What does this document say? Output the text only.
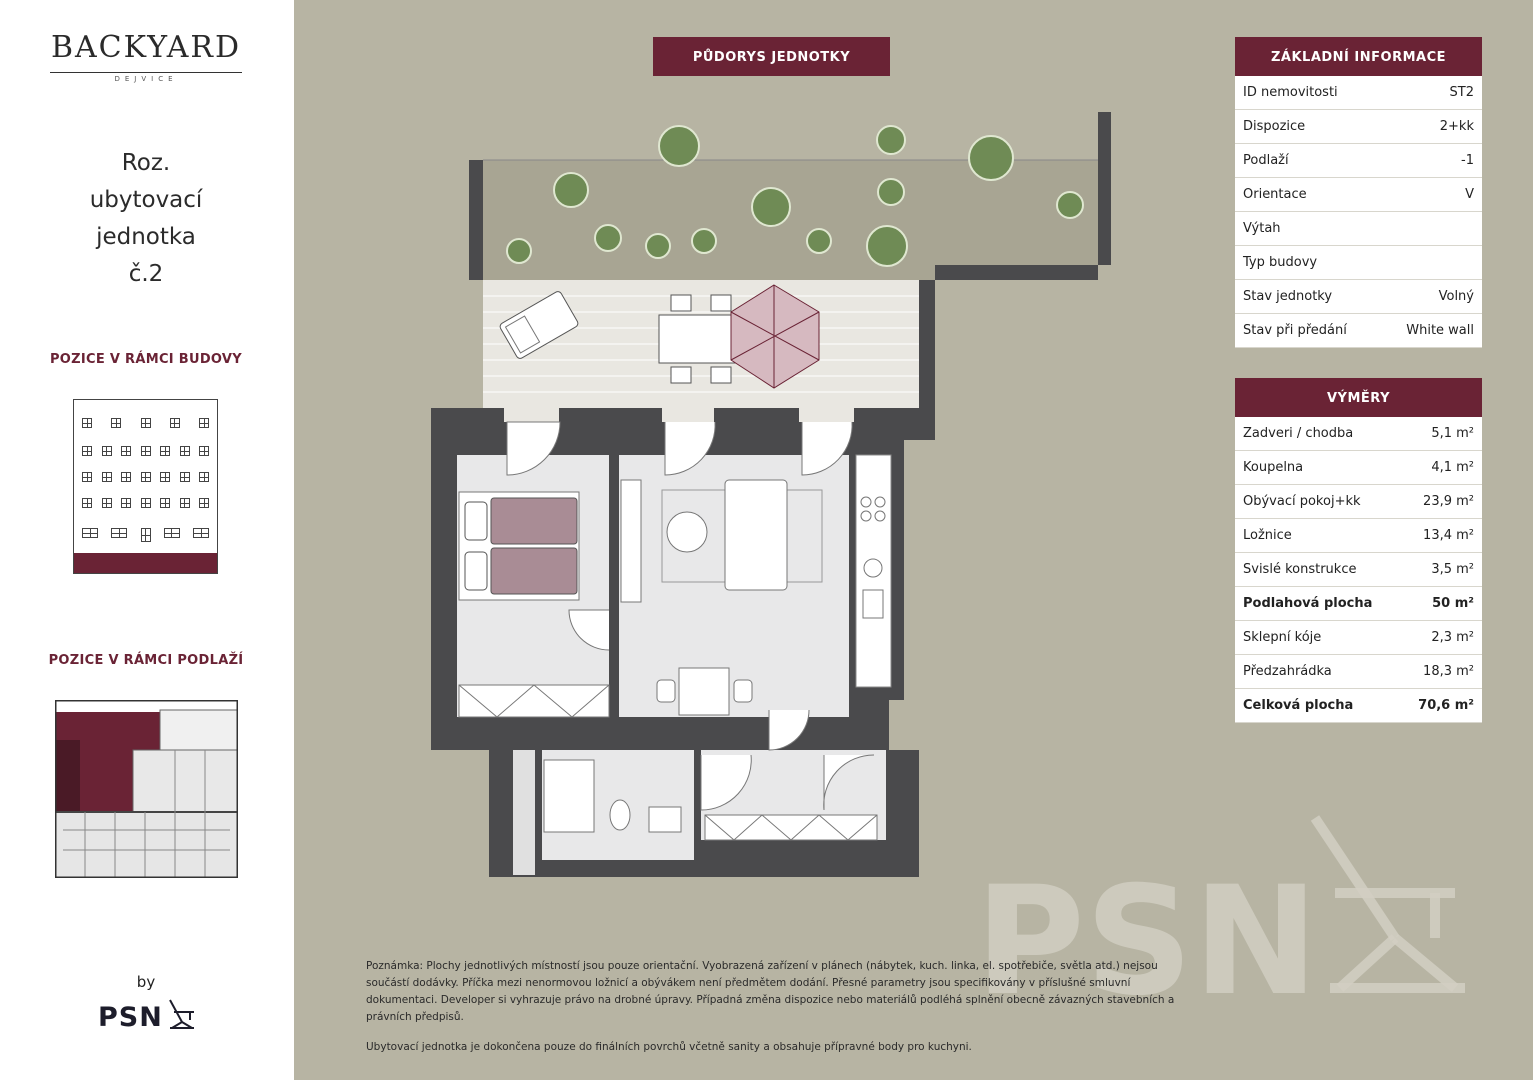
BACKYARD
DEJVICE
Roz.
ubytovací
jednotka
č.2
POZICE V RÁMCI BUDOVY
POZICE V RÁMCI PODLAŽÍ
by
PSN
PŮDORYS JEDNOTKY	ZÁKLADNÍ INFORMACE
ID nemovitosti	ST2
Dispozice	2+kk
Podlaží	-1
Orientace	V
Výtah
Typ budovy
Stav jednotky	Volný
Stav při předání	White wall
VÝMĚRY
Zadveri / chodba	5,1 m²
Koupelna	4,1 m²
Obývací pokoj+kk	23,9 m²
Ložnice	13,4 m²
Svislé konstrukce	3,5 m²
Podlahová plocha	50 m²
Sklepní kóje	2,3 m²
Předzahrádka	18,3 m²
Celková plocha	70,6 m²
PSN

Poznámka: Plochy jednotlivých místností jsou pouze orientační. Vyobrazená zařízení v plánech (nábytek, kuch. linka, el. spotřebiče, světla atd.) nejsou součástí dodávky. Příčka mezi nenormovou ložnicí a obývákem není předmětem dodání. Přesné parametry jsou specifikovány v příslušné smluvní dokumentaci. Developer si vyhrazuje právo na drobné úpravy. Případná změna dispozice nebo materiálů podléhá splnění obecně závazných stavebních a právních předpisů.

Ubytovací jednotka je dokončena pouze do finálních povrchů včetně sanity a obsahuje přípravné body pro kuchyni.
